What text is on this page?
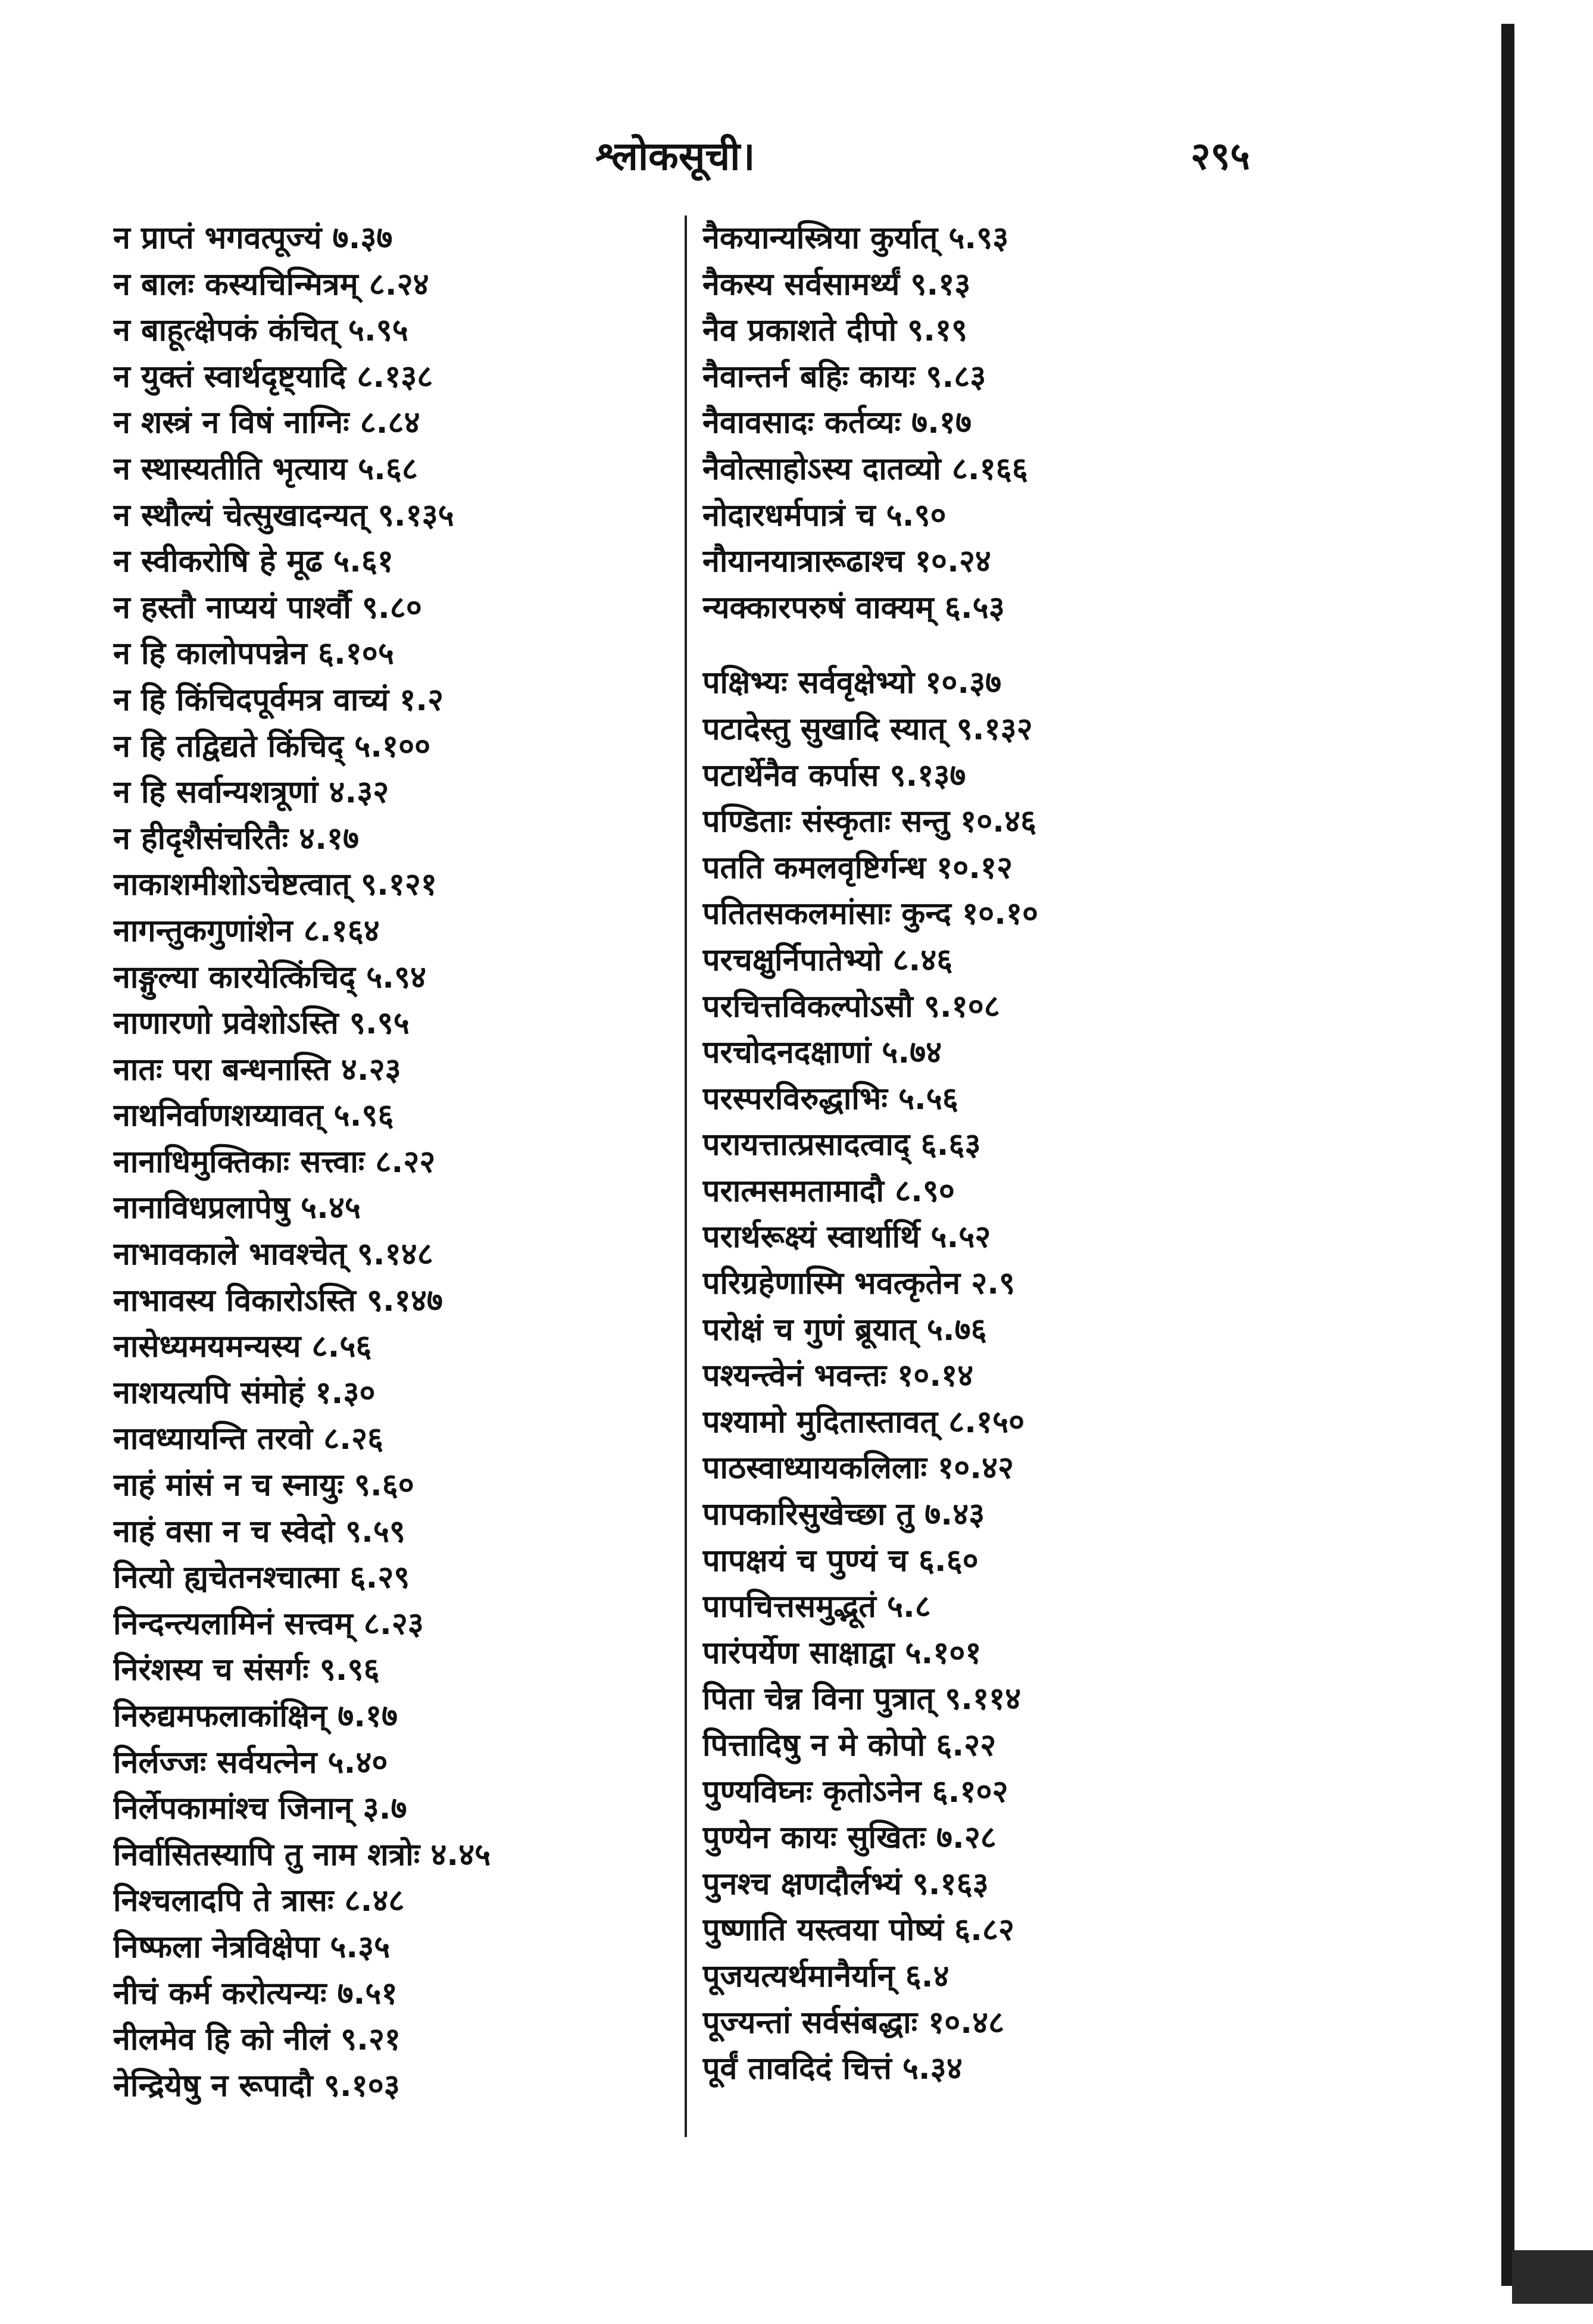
श्लोकसूची।	२९५
न प्राप्तं भगवत्पूज्यं ७.३७
न बालः कस्यचिन्मित्रम् ८.२४
न बाहूत्क्षेपकं कंचित् ५.९५
न युक्तं स्वार्थदृष्ट्यादि ८.१३८
न शस्त्रं न विषं नाग्निः ८.८४
न स्थास्यतीति भृत्याय ५.६८
न स्थौल्यं चेत्सुखादन्यत् ९.१३५
न स्वीकरोषि हे मूढ ५.६१
न हस्तौ नाप्ययं पार्श्वौ ९.८०
न हि कालोपपन्नेन ६.१०५
न हि किंचिदपूर्वमत्र वाच्यं १.२
न हि तद्विद्यते किंचिद् ५.१००
न हि सर्वान्यशत्रूणां ४.३२
न हीदृशैसंचरितैः ४.१७
नाकाशमीशोऽचेष्टत्वात् ९.१२१
नागन्तुकगुणांशेन ८.१६४
नाङ्गुल्या कारयेत्किंचिद् ५.९४
नाणारणो प्रवेशोऽस्ति ९.९५
नातः परा बन्धनास्ति ४.२३
नाथनिर्वाणशय्यावत् ५.९६
नानाधिमुक्तिकाः सत्त्वाः ८.२२
नानाविधप्रलापेषु ५.४५
नाभावकाले भावश्चेत् ९.१४८
नाभावस्य विकारोऽस्ति ९.१४७
नासेध्यमयमन्यस्य ८.५६
नाशयत्यपि संमोहं १.३०
नावध्यायन्ति तरवो ८.२६
नाहं मांसं न च स्नायुः ९.६०
नाहं वसा न च स्वेदो ९.५९
नित्यो ह्यचेतनश्चात्मा ६.२९
निन्दन्त्यलामिनं सत्त्वम् ८.२३
निरंशस्य च संसर्गः ९.९६
निरुद्यमफलाकांक्षिन् ७.१७
निर्लज्जः सर्वयत्नेन ५.४०
निर्लेपकामांश्च जिनान् ३.७
निर्वासितस्यापि तु नाम शत्रोः ४.४५
निश्चलादपि ते त्रासः ८.४८
निष्फला नेत्रविक्षेपा ५.३५
नीचं कर्म करोत्यन्यः ७.५१
नीलमेव हि को नीलं ९.२१
नेन्द्रियेषु न रूपादौ ९.१०३
नैकयान्यस्त्रिया कुर्यात् ५.९३
नैकस्य सर्वसामर्थ्यं ९.१३
नैव प्रकाशते दीपो ९.१९
नैवान्तर्न बहिः कायः ९.८३
नैवावसादः कर्तव्यः ७.१७
नैवोत्साहोऽस्य दातव्यो ८.१६६
नोदारधर्मपात्रं च ५.९०
नौयानयात्रारूढाश्च १०.२४
न्यक्कारपरुषं वाक्यम् ६.५३
पक्षिभ्यः सर्ववृक्षेभ्यो १०.३७
पटादेस्तु सुखादि स्यात् ९.१३२
पटार्थेनैव कर्पास ९.१३७
पण्डिताः संस्कृताः सन्तु १०.४६
पतति कमलवृष्टिर्गन्ध १०.१२
पतितसकलमांसाः कुन्द १०.१०
परचक्षुर्निपातेभ्यो ८.४६
परचित्तविकल्पोऽसौ ९.१०८
परचोदनदक्षाणां ५.७४
परस्परविरुद्धाभिः ५.५६
परायत्तात्प्रसादत्वाद् ६.६३
परात्मसमतामादौ ८.९०
परार्थरूक्ष्यं स्वार्थार्थि ५.५२
परिग्रहेणास्मि भवत्कृतेन २.९
परोक्षं च गुणं ब्रूयात् ५.७६
पश्यन्त्वेनं भवन्तः १०.१४
पश्यामो मुदितास्तावत् ८.१५०
पाठस्वाध्यायकलिलाः १०.४२
पापकारिसुखेच्छा तु ७.४३
पापक्षयं च पुण्यं च ६.६०
पापचित्तसमुद्भूतं ५.८
पारंपर्येण साक्षाद्वा ५.१०१
पिता चेन्न विना पुत्रात् ९.११४
पित्तादिषु न मे कोपो ६.२२
पुण्यविघ्नः कृतोऽनेन ६.१०२
पुण्येन कायः सुखितः ७.२८
पुनश्च क्षणदौर्लभ्यं ९.१६३
पुष्णाति यस्त्वया पोष्यं ६.८२
पूजयत्यर्थमानैर्यान् ६.४
पूज्यन्तां सर्वसंबद्धाः १०.४८
पूर्वं तावदिदं चित्तं ५.३४
